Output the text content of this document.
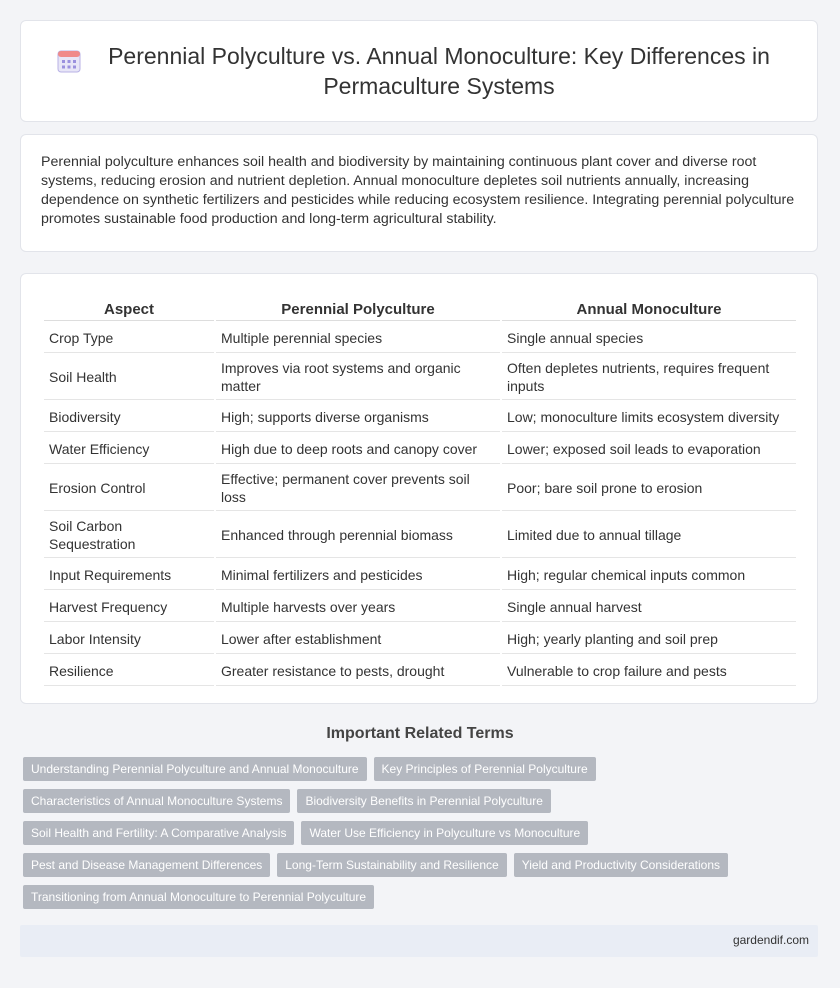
Perennial Polyculture vs. Annual Monoculture: Key Differences in Permaculture Systems

Perennial polyculture enhances soil health and biodiversity by maintaining continuous plant cover and diverse root systems, reducing erosion and nutrient depletion. Annual monoculture depletes soil nutrients annually, increasing dependence on synthetic fertilizers and pesticides while reducing ecosystem resilience. Integrating perennial polyculture promotes sustainable food production and long-term agricultural stability.

Aspect	Perennial Polyculture	Annual Monoculture
Crop Type	Multiple perennial species	Single annual species
Soil Health	Improves via root systems and organic matter	Often depletes nutrients, requires frequent inputs
Biodiversity	High; supports diverse organisms	Low; monoculture limits ecosystem diversity
Water Efficiency	High due to deep roots and canopy cover	Lower; exposed soil leads to evaporation
Erosion Control	Effective; permanent cover prevents soil loss	Poor; bare soil prone to erosion
Soil Carbon Sequestration	Enhanced through perennial biomass	Limited due to annual tillage
Input Requirements	Minimal fertilizers and pesticides	High; regular chemical inputs common
Harvest Frequency	Multiple harvests over years	Single annual harvest
Labor Intensity	Lower after establishment	High; yearly planting and soil prep
Resilience	Greater resistance to pests, drought	Vulnerable to crop failure and pests
Important Related Terms
Understanding Perennial Polyculture and Annual Monoculture	Key Principles of Perennial Polyculture
Characteristics of Annual Monoculture Systems	Biodiversity Benefits in Perennial Polyculture
Soil Health and Fertility: A Comparative Analysis	Water Use Efficiency in Polyculture vs Monoculture
Pest and Disease Management Differences	Long-Term Sustainability and Resilience	Yield and Productivity Considerations
Transitioning from Annual Monoculture to Perennial Polyculture
gardendif.com
